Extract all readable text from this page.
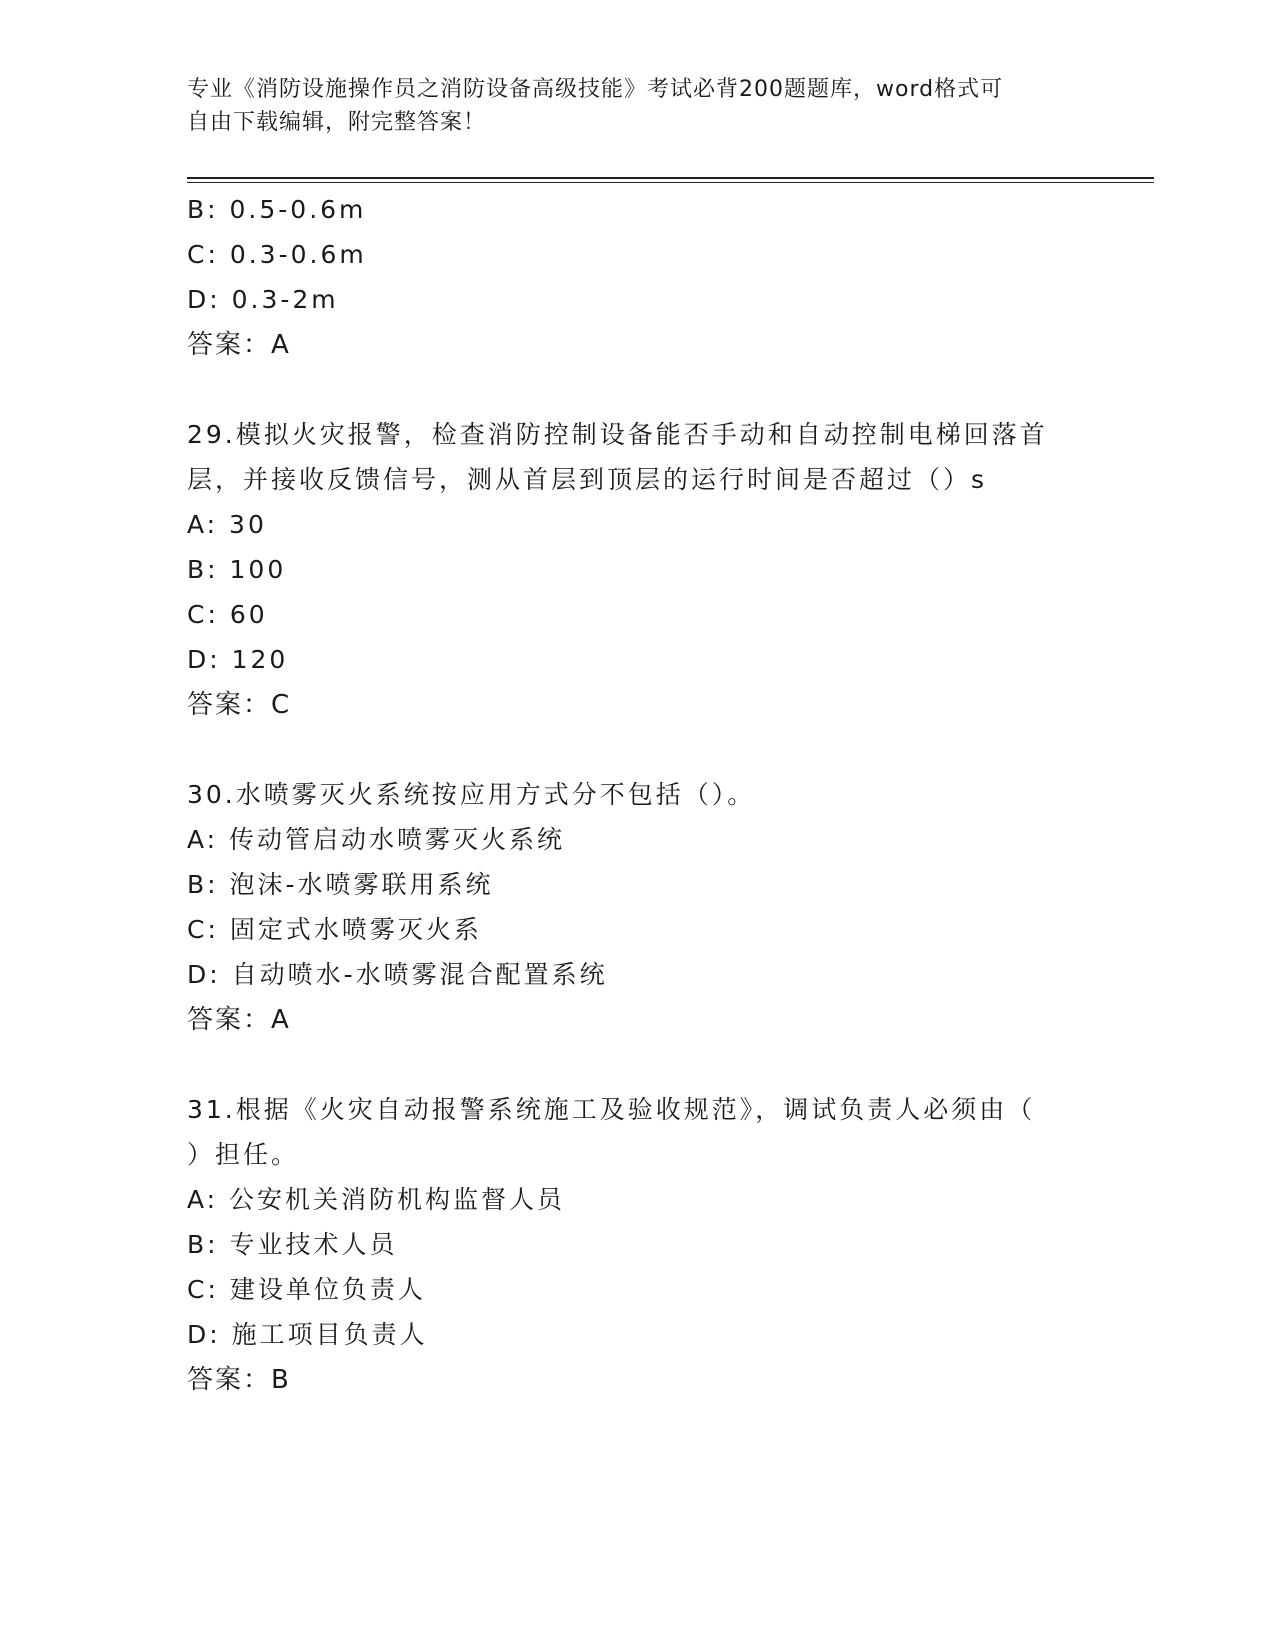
专业《消防设施操作员之消防设备高级技能》考试必背200题题库，word格式可
自由下载编辑，附完整答案！
B: 0.5-0.6m
C: 0.3-0.6m
D: 0.3-2m
答案：A
29.模拟火灾报警，检查消防控制设备能否手动和自动控制电梯回落首
层，并接收反馈信号，测从首层到顶层的运行时间是否超过（）s
A: 30
B: 100
C: 60
D: 120
答案：C
30.水喷雾灭火系统按应用方式分不包括（）。
A: 传动管启动水喷雾灭火系统
B: 泡沫-水喷雾联用系统
C: 固定式水喷雾灭火系
D: 自动喷水-水喷雾混合配置系统
答案：A
31.根据《火灾自动报警系统施工及验收规范》，调试负责人必须由（
）担任。
A: 公安机关消防机构监督人员
B: 专业技术人员
C: 建设单位负责人
D: 施工项目负责人
答案：B
